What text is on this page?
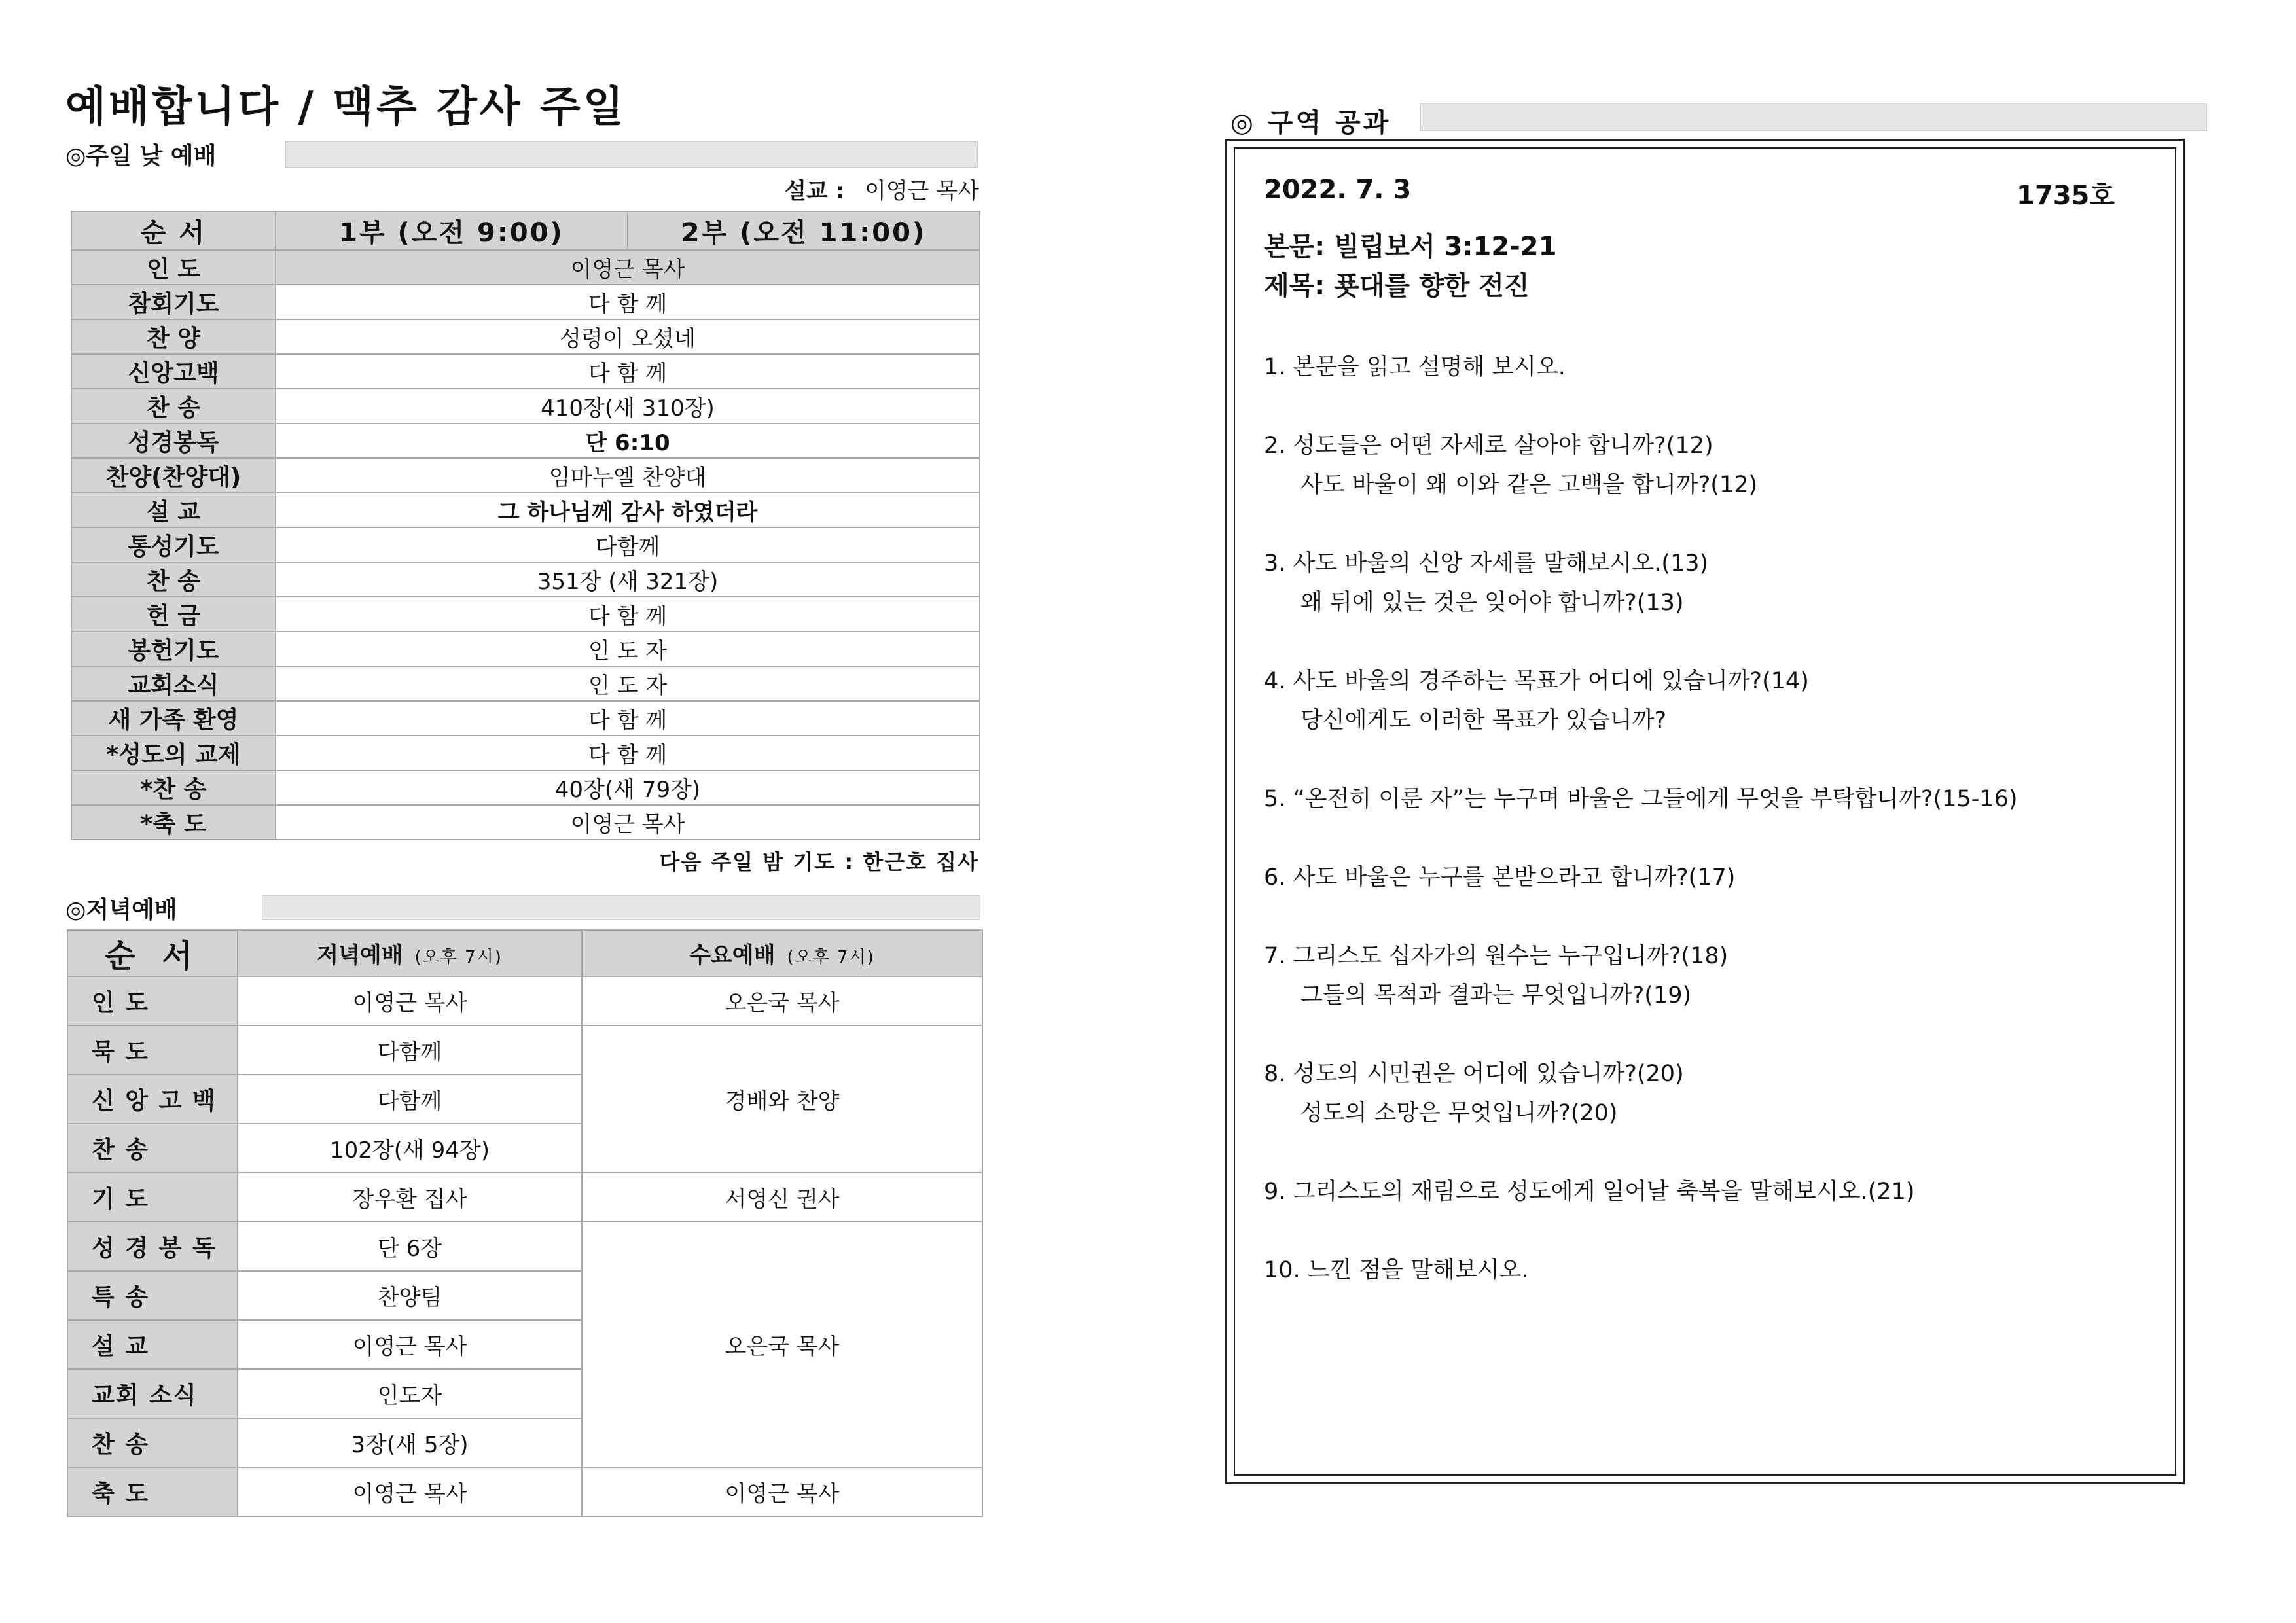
예배합니다 / 맥추 감사 주일
◎주일 낮 예배
설교 : 이영근 목사
순 서	1부 (오전 9:00)	2부 (오전 11:00)
인 도	이영근 목사	
참회기도	다 함 께	
찬 양	성령이 오셨네	
신앙고백	다 함 께	
찬 송	410장(새 310장)	
성경봉독	단 6:10	
찬양(찬양대)	임마누엘 찬양대	
설 교	그 하나님께 감사 하였더라	
통성기도	다함께	
찬 송	351장 (새 321장)	
헌 금	다 함 께	
봉헌기도	인 도 자	
교회소식	인 도 자	
새 가족 환영	다 함 께	
*성도의 교제	다 함 께	
*찬 송	40장(새 79장)	
*축 도	이영근 목사	
다음 주일 밤 기도 : 한근호 집사
◎저녁예배
순 서	저녁예배 (오후 7시)	수요예배 (오후 7시)
인 도	이영근 목사	오은국 목사
묵 도	다함께	경배와 찬양
신 앙 고 백	다함께	
찬 송	102장(새 94장)	
기 도	장우환 집사	서영신 권사
성 경 봉 독	단 6장	오은국 목사
특 송	찬양팀	
설 교	이영근 목사	
교회 소식	인도자	
찬 송	3장(새 5장)	
축 도	이영근 목사	이영근 목사
◎ 구역 공과
2022. 7. 3	1735호
본문: 빌립보서 3:12-21
제목: 푯대를 향한 전진
1. 본문을 읽고 설명해 보시오.
2. 성도들은 어떤 자세로 살아야 합니까?(12)
사도 바울이 왜 이와 같은 고백을 합니까?(12)
3. 사도 바울의 신앙 자세를 말해보시오.(13)
왜 뒤에 있는 것은 잊어야 합니까?(13)
4. 사도 바울의 경주하는 목표가 어디에 있습니까?(14)
당신에게도 이러한 목표가 있습니까?
5. “온전히 이룬 자”는 누구며 바울은 그들에게 무엇을 부탁합니까?(15-16)
6. 사도 바울은 누구를 본받으라고 합니까?(17)
7. 그리스도 십자가의 원수는 누구입니까?(18)
그들의 목적과 결과는 무엇입니까?(19)
8. 성도의 시민권은 어디에 있습니까?(20)
성도의 소망은 무엇입니까?(20)
9. 그리스도의 재림으로 성도에게 일어날 축복을 말해보시오.(21)
10. 느낀 점을 말해보시오.
